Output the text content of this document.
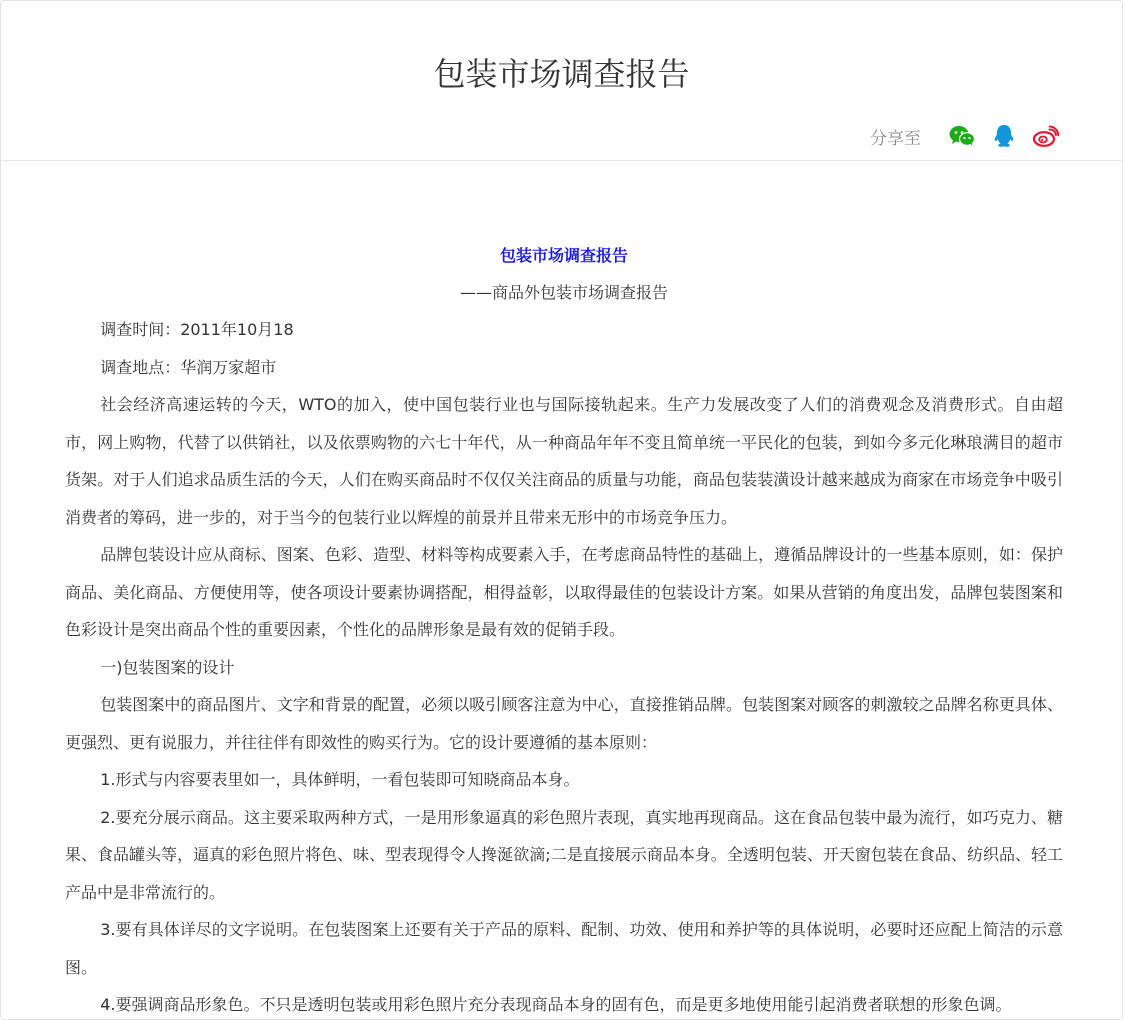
包装市场调查报告
分享至

包装市场调查报告

——商品外包装市场调查报告

调查时间：2011年10月18

调查地点：华润万家超市

社会经济高速运转的今天，WTO的加入，使中国包装行业也与国际接轨起来。生产力发展改变了人们的消费观念及消费形式。自由超市，网上购物，代替了以供销社，以及依票购物的六七十年代，从一种商品年年不变且简单统一平民化的包装，到如今多元化琳琅满目的超市货架。对于人们追求品质生活的今天，人们在购买商品时不仅仅关注商品的质量与功能，商品包装装潢设计越来越成为商家在市场竞争中吸引消费者的筹码，进一步的，对于当今的包装行业以辉煌的前景并且带来无形中的市场竞争压力。

品牌包装设计应从商标、图案、色彩、造型、材料等构成要素入手，在考虑商品特性的基础上，遵循品牌设计的一些基本原则，如：保护商品、美化商品、方便使用等，使各项设计要素协调搭配，相得益彰，以取得最佳的包装设计方案。如果从营销的角度出发，品牌包装图案和色彩设计是突出商品个性的重要因素，个性化的品牌形象是最有效的促销手段。

一)包装图案的设计

包装图案中的商品图片、文字和背景的配置，必须以吸引顾客注意为中心，直接推销品牌。包装图案对顾客的刺激较之品牌名称更具体、更强烈、更有说服力，并往往伴有即效性的购买行为。它的设计要遵循的基本原则：

1.形式与内容要表里如一，具体鲜明，一看包装即可知晓商品本身。

2.要充分展示商品。这主要采取两种方式，一是用形象逼真的彩色照片表现，真实地再现商品。这在食品包装中最为流行，如巧克力、糖果、食品罐头等，逼真的彩色照片将色、味、型表现得令人搀涎欲滴;二是直接展示商品本身。全透明包装、开天窗包装在食品、纺织品、轻工产品中是非常流行的。

3.要有具体详尽的文字说明。在包装图案上还要有关于产品的原料、配制、功效、使用和养护等的具体说明，必要时还应配上简洁的示意图。

4.要强调商品形象色。不只是透明包装或用彩色照片充分表现商品本身的固有色，而是更多地使用能引起消费者联想的形象色调。
